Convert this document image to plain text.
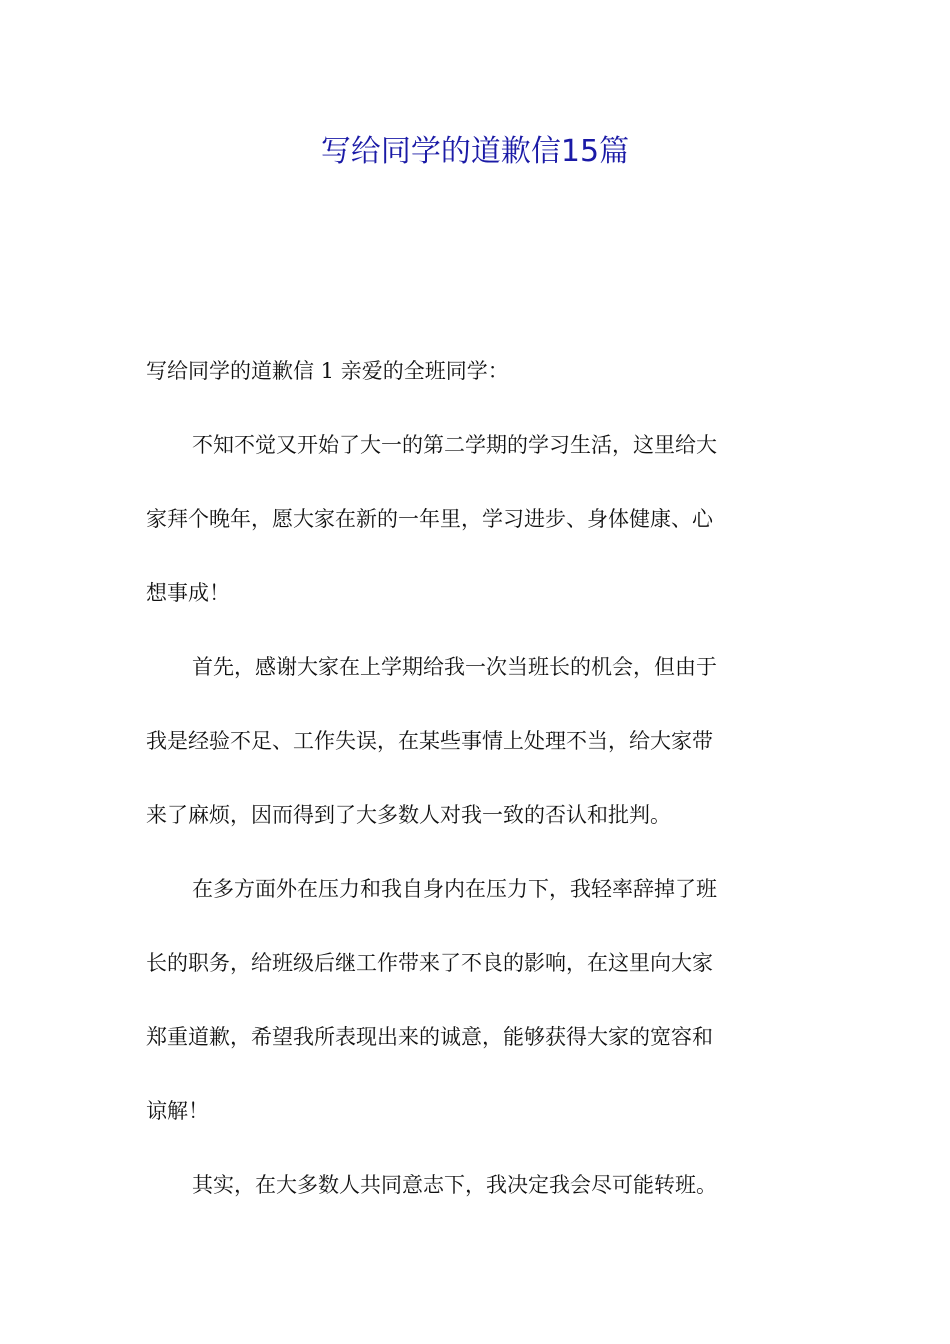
写给同学的道歉信15篇

写给同学的道歉信 1 亲爱的全班同学：

不知不觉又开始了大一的第二学期的学习生活，这里给大
家拜个晚年，愿大家在新的一年里，学习进步、身体健康、心
想事成！

首先，感谢大家在上学期给我一次当班长的机会，但由于
我是经验不足、工作失误，在某些事情上处理不当，给大家带
来了麻烦，因而得到了大多数人对我一致的否认和批判。

在多方面外在压力和我自身内在压力下，我轻率辞掉了班
长的职务，给班级后继工作带来了不良的影响，在这里向大家
郑重道歉，希望我所表现出来的诚意，能够获得大家的宽容和
谅解！

其实，在大多数人共同意志下，我决定我会尽可能转班。
